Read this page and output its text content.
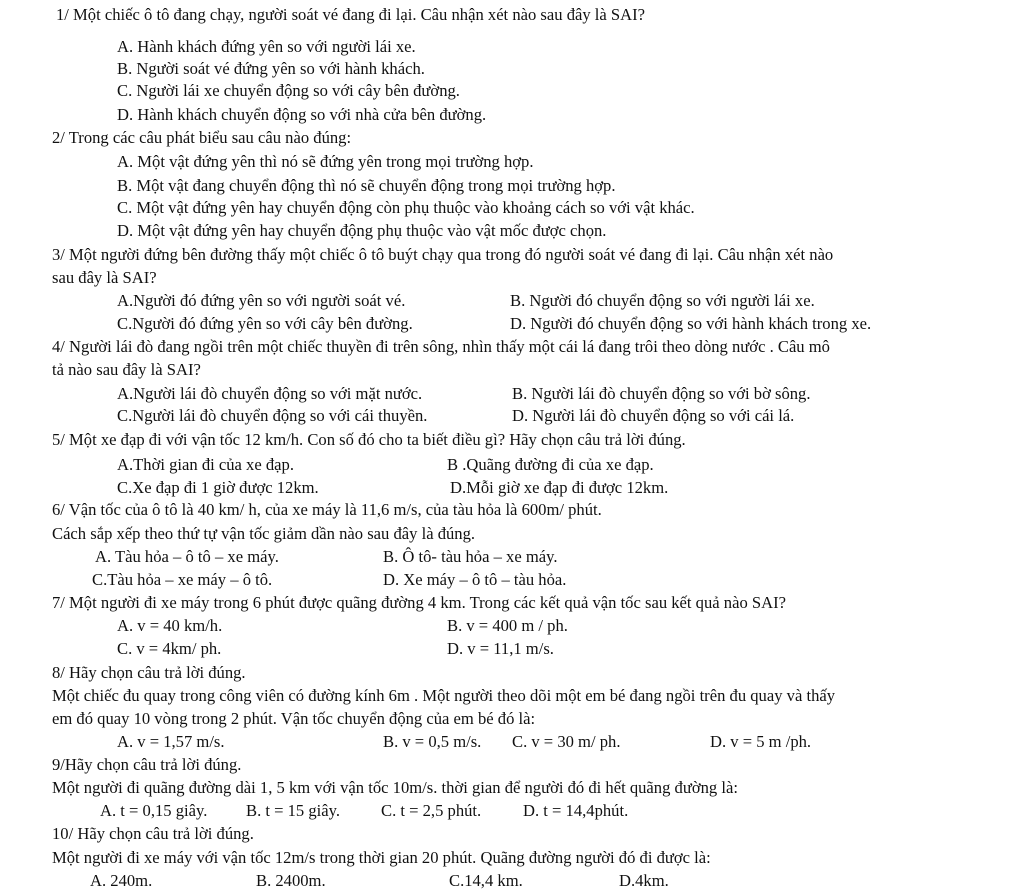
1/ Một chiếc ô tô đang chạy, người soát vé đang đi lại. Câu nhận xét nào sau đây là SAI?
A. Hành khách đứng yên so với người lái xe.
B. Người soát vé đứng yên so với hành khách.
C. Người lái xe chuyển động so với cây bên đường.
D. Hành khách chuyển động so với nhà cửa bên đường.
2/ Trong các câu phát biểu sau câu nào đúng:
A. Một vật đứng yên thì nó sẽ đứng yên trong mọi trường hợp.
B. Một vật đang chuyển động thì nó sẽ chuyển động trong mọi trường hợp.
C. Một vật đứng yên hay chuyển động còn phụ thuộc vào khoảng cách so với vật khác.
D. Một vật đứng yên hay chuyển động phụ thuộc vào vật mốc được chọn.
3/ Một người đứng bên đường thấy một chiếc ô tô buýt chạy qua trong đó người soát vé đang đi lại. Câu nhận xét nào
sau đây là SAI?
A.Người đó đứng yên so với người soát vé.	B. Người đó chuyển động so với người lái xe.
C.Người đó đứng yên so với cây bên đường.	D. Người đó chuyển động so với hành khách trong xe.
4/ Người lái đò đang ngồi trên một chiếc thuyền đi trên sông, nhìn thấy một cái lá đang trôi theo dòng nước . Câu mô
tả nào sau đây là SAI?
A.Người lái đò chuyển động so với mặt nước.	B. Người lái đò chuyển động so với bờ sông.
C.Người lái đò chuyển động so với cái thuyền.	D. Người lái đò chuyển động so với cái lá.
5/ Một xe đạp đi với vận tốc 12 km/h. Con số đó cho ta biết điều gì? Hãy chọn câu trả lời đúng.
A.Thời gian đi của xe đạp.	B .Quãng đường đi của xe đạp.
C.Xe đạp đi 1 giờ được 12km.	D.Mỗi giờ xe đạp đi được 12km.
6/ Vận tốc của ô tô là 40 km/ h, của xe máy là 11,6 m/s, của tàu hỏa là 600m/ phút.
Cách sắp xếp theo thứ tự vận tốc giảm dần nào sau đây là đúng.
A. Tàu hỏa – ô tô – xe máy.	B. Ô tô- tàu hỏa – xe máy.
C.Tàu hỏa – xe máy – ô tô.	D. Xe máy – ô tô – tàu hỏa.
7/ Một người đi xe máy trong 6 phút được quãng đường 4 km. Trong các kết quả vận tốc sau kết quả nào SAI?
A. v = 40 km/h.	B. v = 400 m / ph.
C. v = 4km/ ph.	D. v = 11,1 m/s.
8/ Hãy chọn câu trả lời đúng.
Một chiếc đu quay trong công viên có đường kính 6m . Một người theo dõi một em bé đang ngồi trên đu quay và thấy
em đó quay 10 vòng trong 2 phút. Vận tốc chuyển động của em bé đó là:
A. v = 1,57 m/s.	B. v = 0,5 m/s. C. v = 30 m/ ph.	D. v = 5 m /ph.
9/Hãy chọn câu trả lời đúng.
Một người đi quãng đường dài 1, 5 km với vận tốc 10m/s. thời gian để người đó đi hết quãng đường là:
A. t = 0,15 giây. B. t = 15 giây. C. t = 2,5 phút.	D. t = 14,4phút.
10/ Hãy chọn câu trả lời đúng.
Một người đi xe máy với vận tốc 12m/s trong thời gian 20 phút. Quãng đường người đó đi được là:
A. 240m.	B. 2400m.	C.14,4 km.	D.4km.
